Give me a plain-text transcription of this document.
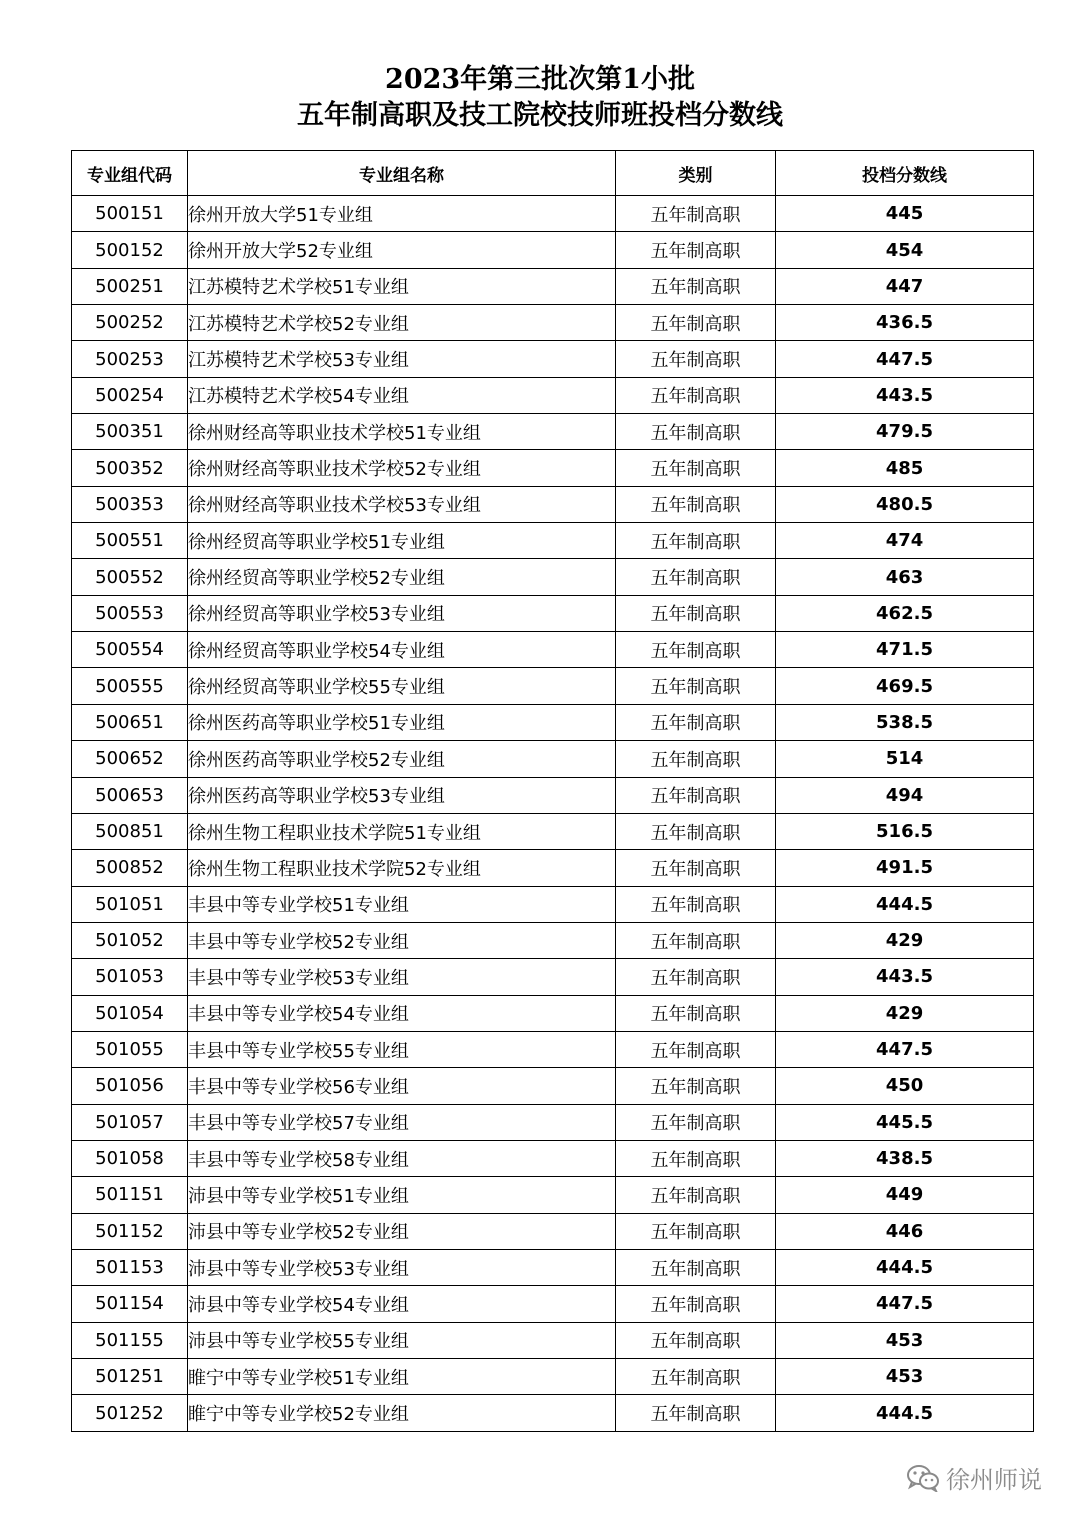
2023年第三批次第1小批
五年制高职及技工院校技师班投档分数线
专业组代码	专业组名称	类别	投档分数线
500151	徐州开放大学51专业组	五年制高职	445
500152	徐州开放大学52专业组	五年制高职	454
500251	江苏模特艺术学校51专业组	五年制高职	447
500252	江苏模特艺术学校52专业组	五年制高职	436.5
500253	江苏模特艺术学校53专业组	五年制高职	447.5
500254	江苏模特艺术学校54专业组	五年制高职	443.5
500351	徐州财经高等职业技术学校51专业组	五年制高职	479.5
500352	徐州财经高等职业技术学校52专业组	五年制高职	485
500353	徐州财经高等职业技术学校53专业组	五年制高职	480.5
500551	徐州经贸高等职业学校51专业组	五年制高职	474
500552	徐州经贸高等职业学校52专业组	五年制高职	463
500553	徐州经贸高等职业学校53专业组	五年制高职	462.5
500554	徐州经贸高等职业学校54专业组	五年制高职	471.5
500555	徐州经贸高等职业学校55专业组	五年制高职	469.5
500651	徐州医药高等职业学校51专业组	五年制高职	538.5
500652	徐州医药高等职业学校52专业组	五年制高职	514
500653	徐州医药高等职业学校53专业组	五年制高职	494
500851	徐州生物工程职业技术学院51专业组	五年制高职	516.5
500852	徐州生物工程职业技术学院52专业组	五年制高职	491.5
501051	丰县中等专业学校51专业组	五年制高职	444.5
501052	丰县中等专业学校52专业组	五年制高职	429
501053	丰县中等专业学校53专业组	五年制高职	443.5
501054	丰县中等专业学校54专业组	五年制高职	429
501055	丰县中等专业学校55专业组	五年制高职	447.5
501056	丰县中等专业学校56专业组	五年制高职	450
501057	丰县中等专业学校57专业组	五年制高职	445.5
501058	丰县中等专业学校58专业组	五年制高职	438.5
501151	沛县中等专业学校51专业组	五年制高职	449
501152	沛县中等专业学校52专业组	五年制高职	446
501153	沛县中等专业学校53专业组	五年制高职	444.5
501154	沛县中等专业学校54专业组	五年制高职	447.5
501155	沛县中等专业学校55专业组	五年制高职	453
501251	睢宁中等专业学校51专业组	五年制高职	453
501252	睢宁中等专业学校52专业组	五年制高职	444.5
徐州师说
